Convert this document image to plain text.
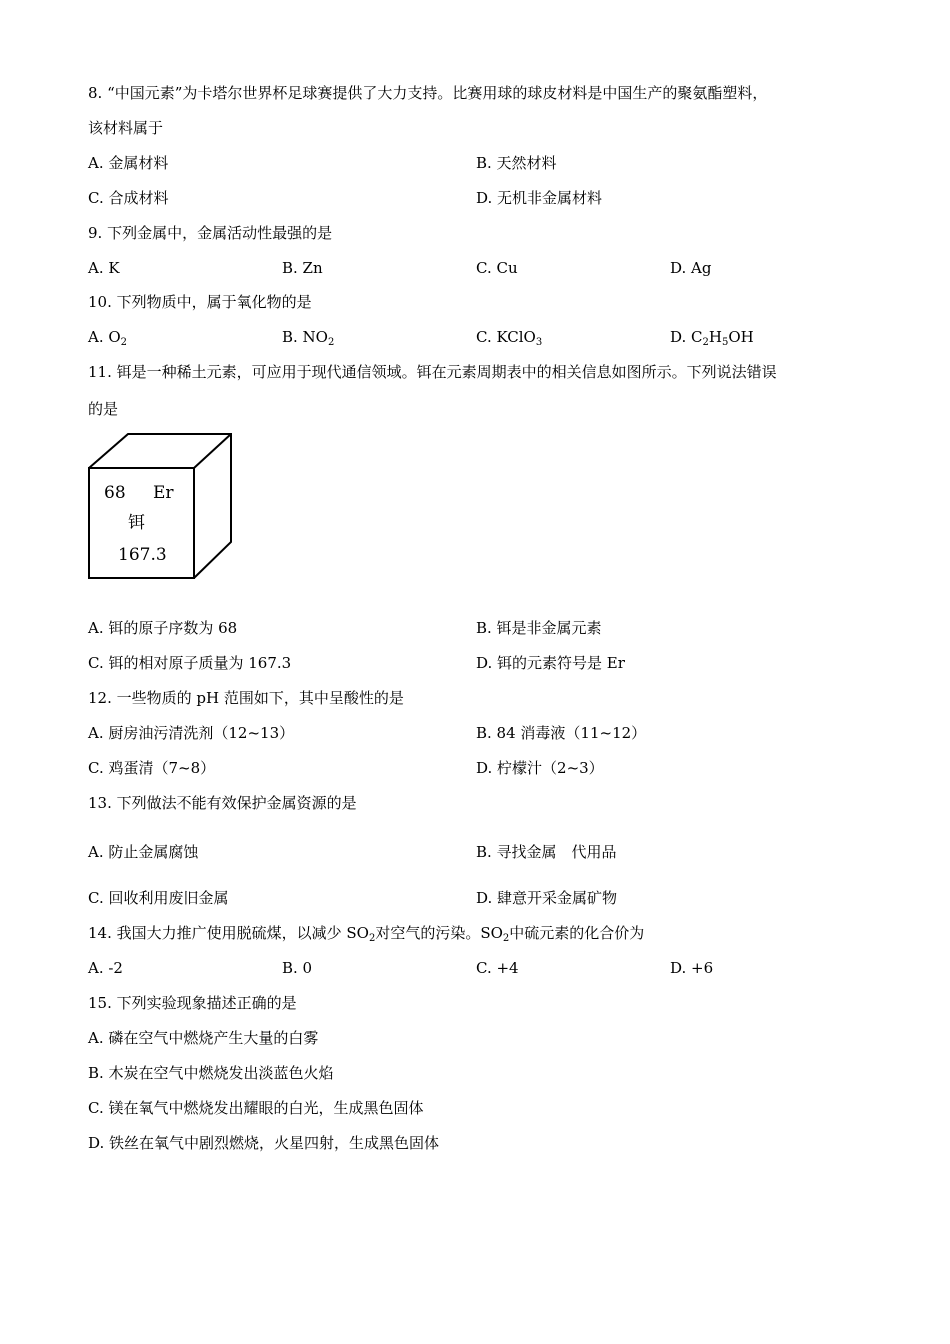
8. “中国元素”为卡塔尔世界杯足球赛提供了大力支持。比赛用球的球皮材料是中国生产的聚氨酯塑料，
该材料属于
A. 金属材料	B. 天然材料
C. 合成材料	D. 无机非金属材料
9. 下列金属中，金属活动性最强的是
A. K	B. Zn	C. Cu	D. Ag
10. 下列物质中，属于氧化物的是
A. $O_2$	B. $NO_2$	C. KClO$_3$	D. $C_2H_5OH$
11. 铒是一种稀土元素，可应用于现代通信领域。铒在元素周期表中的相关信息如图所示。下列说法错误
的是
68 Er
铒
167.3
A. 铒的原子序数为 68	B. 铒是非金属元素
C. 铒的相对原子质量为 167.3	D. 铒的元素符号是 Er
12. 一些物质的 pH 范围如下，其中呈酸性的是
A. 厨房油污清洗剂（12~13）	B. 84 消毒液（11~12）
C. 鸡蛋清（7~8）	D. 柠檬汁（2~3）
13. 下列做法不能有效保护金属资源的是
A. 防止金属腐蚀	B. 寻找金属　代用品
C. 回收利用废旧金属	D. 肆意开采金属矿物
14. 我国大力推广使用脱硫煤，以减少 $SO_2$对空气的污染。$SO_2$中硫元素的化合价为
A. -2	B. 0	C. +4	D. +6
15. 下列实验现象描述正确的是
A. 磷在空气中燃烧产生大量的白雾
B. 木炭在空气中燃烧发出淡蓝色火焰
C. 镁在氧气中燃烧发出耀眼的白光，生成黑色固体
D. 铁丝在氧气中剧烈燃烧，火星四射，生成黑色固体
